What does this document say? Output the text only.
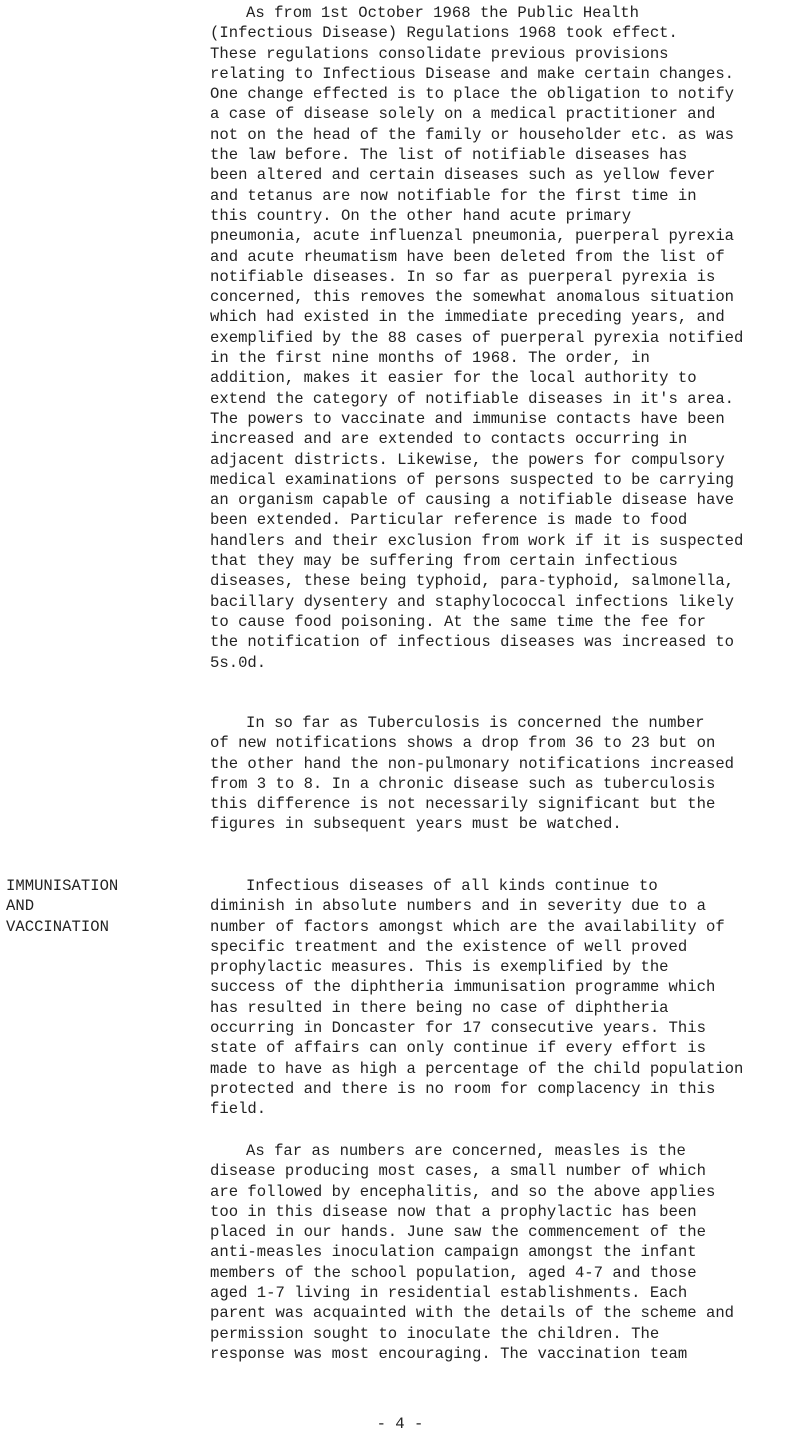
As from 1st October 1968 the Public Health
(Infectious Disease) Regulations 1968 took effect.
These regulations consolidate previous provisions
relating to Infectious Disease and make certain changes.
One change effected is to place the obligation to notify
a case of disease solely on a medical practitioner and
not on the head of the family or householder etc. as was
the law before. The list of notifiable diseases has
been altered and certain diseases such as yellow fever
and tetanus are now notifiable for the first time in
this country. On the other hand acute primary
pneumonia, acute influenzal pneumonia, puerperal pyrexia
and acute rheumatism have been deleted from the list of
notifiable diseases. In so far as puerperal pyrexia is
concerned, this removes the somewhat anomalous situation
which had existed in the immediate preceding years, and
exemplified by the 88 cases of puerperal pyrexia notified
in the first nine months of 1968. The order, in
addition, makes it easier for the local authority to
extend the category of notifiable diseases in it's area.
The powers to vaccinate and immunise contacts have been
increased and are extended to contacts occurring in
adjacent districts. Likewise, the powers for compulsory
medical examinations of persons suspected to be carrying
an organism capable of causing a notifiable disease have
been extended. Particular reference is made to food
handlers and their exclusion from work if it is suspected
that they may be suffering from certain infectious
diseases, these being typhoid, para-typhoid, salmonella,
bacillary dysentery and staphylococcal infections likely
to cause food poisoning. At the same time the fee for
the notification of infectious diseases was increased to
5s.0d.
In so far as Tuberculosis is concerned the number
of new notifications shows a drop from 36 to 23 but on
the other hand the non-pulmonary notifications increased
from 3 to 8. In a chronic disease such as tuberculosis
this difference is not necessarily significant but the
figures in subsequent years must be watched.
IMMUNISATION
AND
VACCINATION
Infectious diseases of all kinds continue to
diminish in absolute numbers and in severity due to a
number of factors amongst which are the availability of
specific treatment and the existence of well proved
prophylactic measures. This is exemplified by the
success of the diphtheria immunisation programme which
has resulted in there being no case of diphtheria
occurring in Doncaster for 17 consecutive years. This
state of affairs can only continue if every effort is
made to have as high a percentage of the child population
protected and there is no room for complacency in this
field.
As far as numbers are concerned, measles is the
disease producing most cases, a small number of which
are followed by encephalitis, and so the above applies
too in this disease now that a prophylactic has been
placed in our hands. June saw the commencement of the
anti-measles inoculation campaign amongst the infant
members of the school population, aged 4-7 and those
aged 1-7 living in residential establishments. Each
parent was acquainted with the details of the scheme and
permission sought to inoculate the children. The
response was most encouraging. The vaccination team
- 4 -
